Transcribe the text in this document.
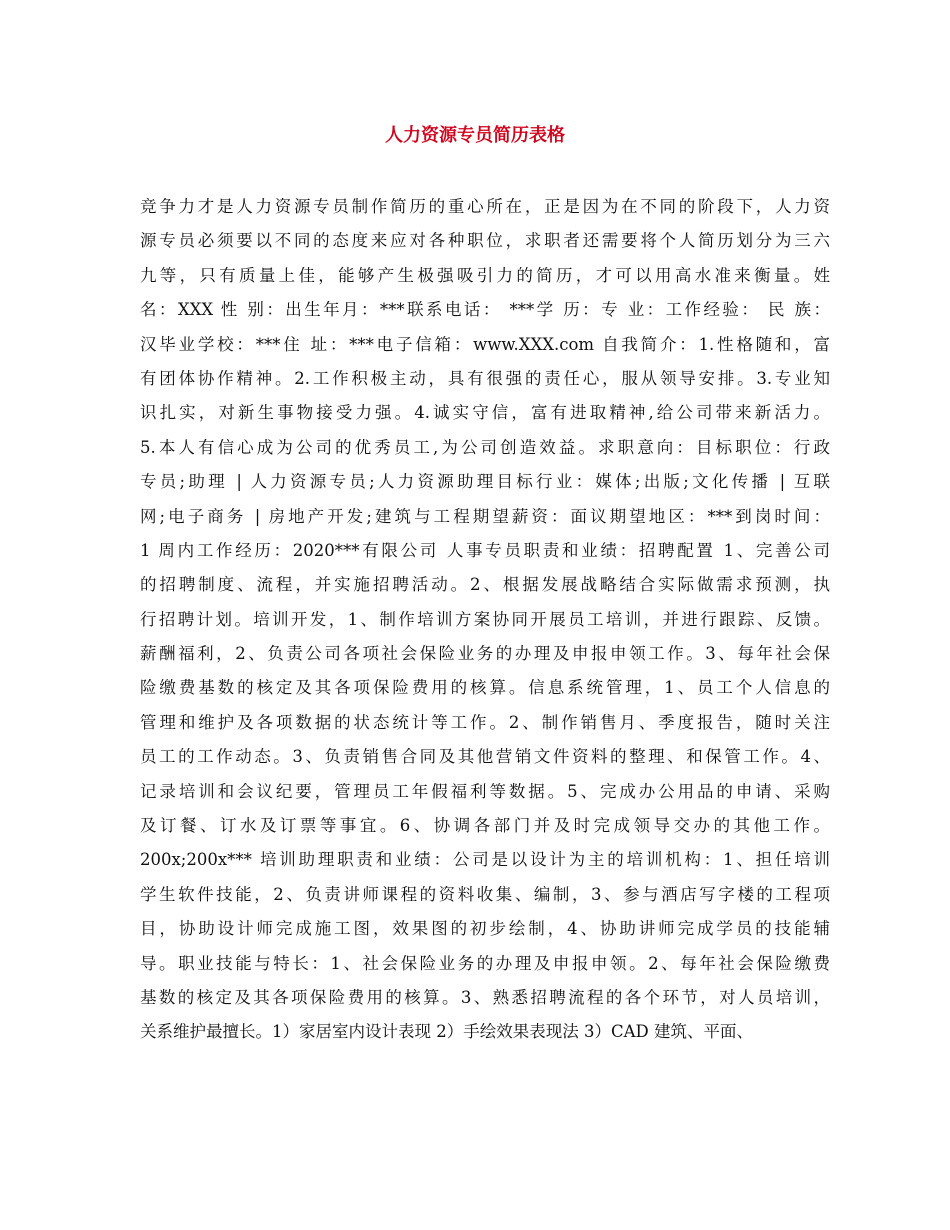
人力资源专员简历表格
竞争力才是人力资源专员制作简历的重心所在，正是因为在不同的阶段下，人力资
源专员必须要以不同的态度来应对各种职位，求职者还需要将个人简历划分为三六
九等，只有质量上佳，能够产生极强吸引力的简历，才可以用高水准来衡量。姓
名：XXX 性 别：出生年月：***联系电话： ***学 历：专 业：工作经验： 民 族：
汉毕业学校：***住 址：***电子信箱：www.XXX.com 自我简介：1.性格随和，富
有团体协作精神。2.工作积极主动，具有很强的责任心，服从领导安排。3.专业知
识扎实，对新生事物接受力强。4.诚实守信，富有进取精神,给公司带来新活力。
5.本人有信心成为公司的优秀员工,为公司创造效益。求职意向：目标职位：行政
专员;助理 | 人力资源专员;人力资源助理目标行业：媒体;出版;文化传播 | 互联
网;电子商务 | 房地产开发;建筑与工程期望薪资：面议期望地区：***到岗时间：
1 周内工作经历：2020***有限公司 人事专员职责和业绩：招聘配置 1、完善公司
的招聘制度、流程，并实施招聘活动。2、根据发展战略结合实际做需求预测，执
行招聘计划。培训开发，1、制作培训方案协同开展员工培训，并进行跟踪、反馈。
薪酬福利，2、负责公司各项社会保险业务的办理及申报申领工作。3、每年社会保
险缴费基数的核定及其各项保险费用的核算。信息系统管理，1、员工个人信息的
管理和维护及各项数据的状态统计等工作。2、制作销售月、季度报告，随时关注
员工的工作动态。3、负责销售合同及其他营销文件资料的整理、和保管工作。4、
记录培训和会议纪要，管理员工年假福利等数据。5、完成办公用品的申请、采购
及订餐、订水及订票等事宜。6、协调各部门并及时完成领导交办的其他工作。
200x;200x*** 培训助理职责和业绩：公司是以设计为主的培训机构：1、担任培训
学生软件技能，2、负责讲师课程的资料收集、编制，3、参与酒店写字楼的工程项
目，协助设计师完成施工图，效果图的初步绘制，4、协助讲师完成学员的技能辅
导。职业技能与特长：1、社会保险业务的办理及申报申领。2、每年社会保险缴费
基数的核定及其各项保险费用的核算。3、熟悉招聘流程的各个环节，对人员培训，
关系维护最擅长。1）家居室内设计表现 2）手绘效果表现法 3）CAD 建筑、平面、
